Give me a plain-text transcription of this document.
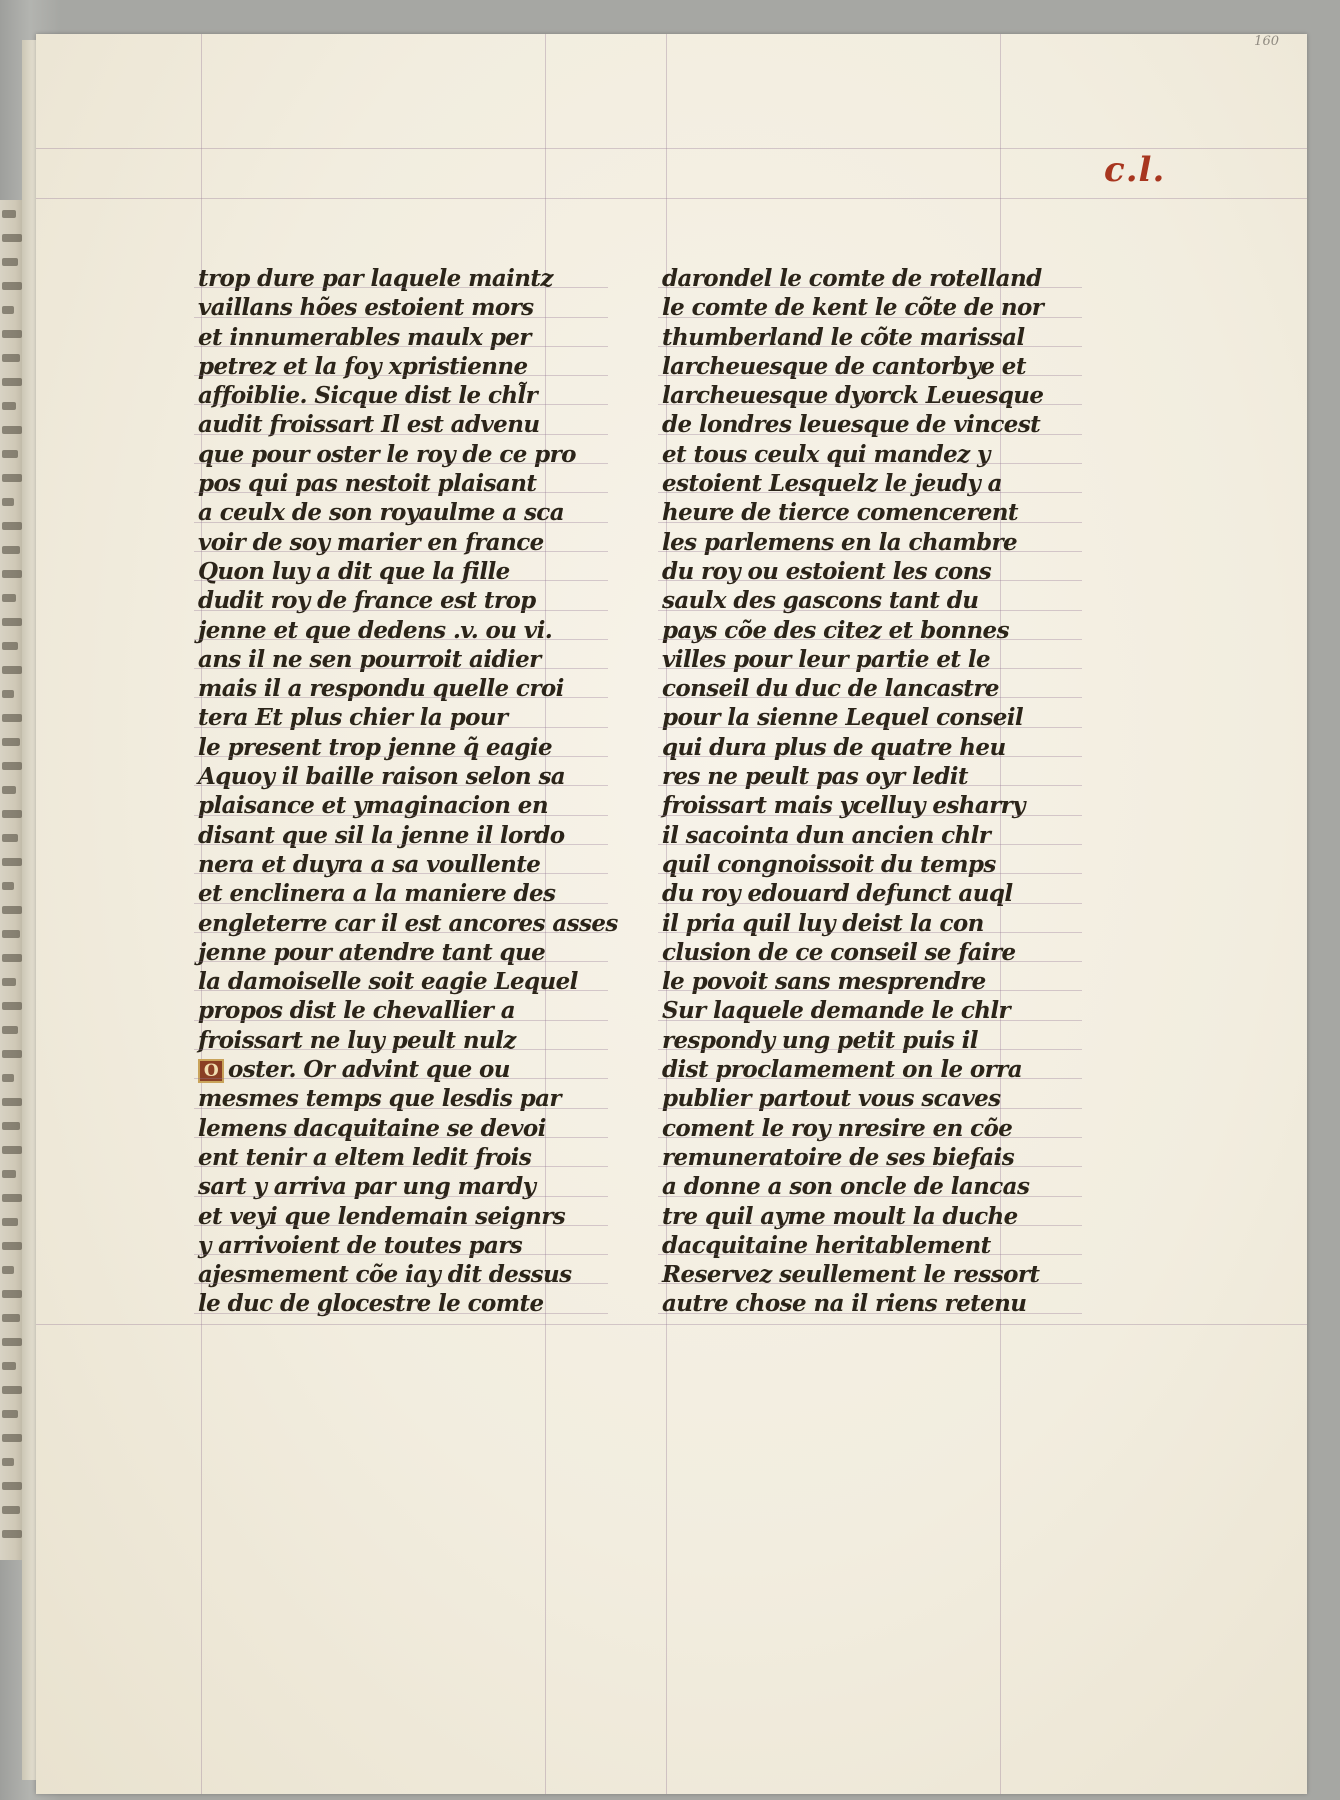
160
c.l.
trop dure par laquele maintz
vaillans hões estoient mors
et innumerables maulx per
petrez et la foy xpristienne
affoiblie. Sicque dist le chl̃r
audit froissart Il est advenu
que pour oster le roy de ce pro
pos qui pas nestoit plaisant
a ceulx de son royaulme a sca
voir de soy marier en france
Quon luy a dit que la fille
dudit roy de france est trop
jenne et que dedens .v. ou vi.
ans il ne sen pourroit aidier
mais il a respondu quelle croi
tera Et plus chier la pour
le present trop jenne q̃ eagie
Aquoy il baille raison selon sa
plaisance et ymaginacion en
disant que sil la jenne il lordo
nera et duyra a sa voullente
et enclinera a la maniere des
engleterre car il est ancores asses
jenne pour atendre tant que
la damoiselle soit eagie Lequel
propos dist le chevallier a
froissart ne luy peult nulz
O oster. Or advint que ou
mesmes temps que lesdis par
lemens dacquitaine se devoi
ent tenir a eltem ledit frois
sart y arriva par ung mardy
et veyi que lendemain seignrs
y arrivoient de toutes pars
ajesmement cõe iay dit dessus
le duc de glocestre le comte
darondel le comte de rotelland
le comte de kent le cõte de nor
thumberland le cõte marissal
larcheuesque de cantorbye et
larcheuesque dyorck Leuesque
de londres leuesque de vincest
et tous ceulx qui mandez y
estoient Lesquelz le jeudy a
heure de tierce comencerent
les parlemens en la chambre
du roy ou estoient les cons
saulx des gascons tant du
pays cõe des citez et bonnes
villes pour leur partie et le
conseil du duc de lancastre
pour la sienne Lequel conseil
qui dura plus de quatre heu
res ne peult pas oyr ledit
froissart mais ycelluy esharry
il sacointa dun ancien chlr
quil congnoissoit du temps
du roy edouard defunct auql
il pria quil luy deist la con
clusion de ce conseil se faire
le povoit sans mesprendre
Sur laquele demande le chlr
respondy ung petit puis il
dist proclamement on le orra
publier partout vous scaves
coment le roy nresire en cõe
remuneratoire de ses biefais
a donne a son oncle de lancas
tre quil ayme moult la duche
dacquitaine heritablement
Reservez seullement le ressort
autre chose na il riens retenu
